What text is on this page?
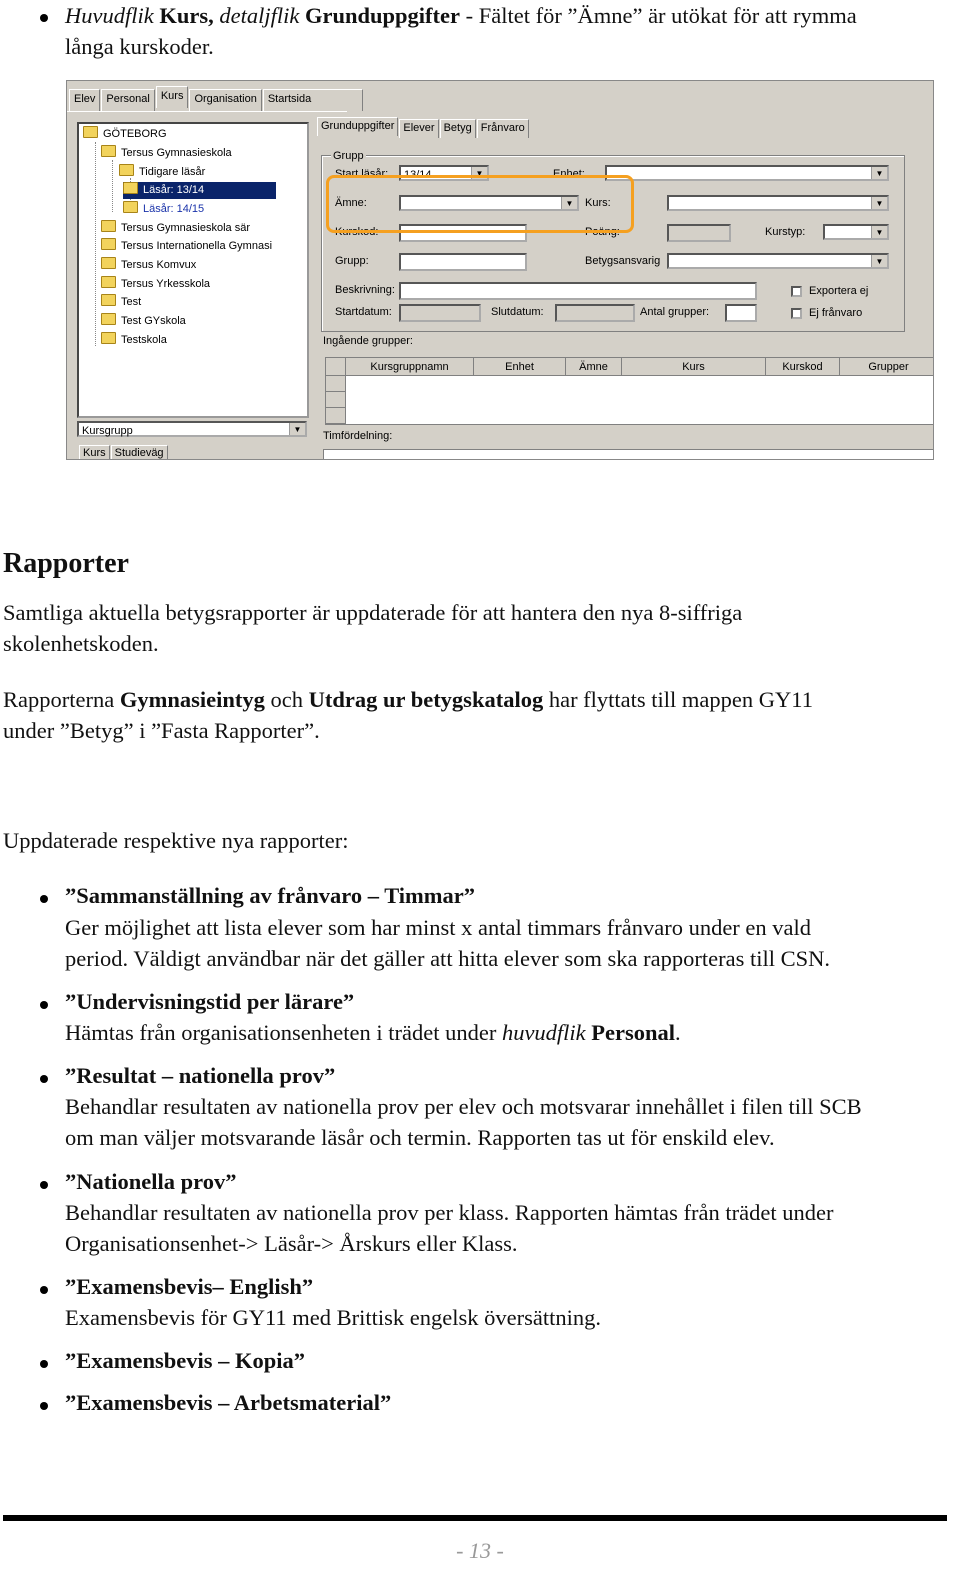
Huvudflik Kurs, detaljflik Grunduppgifter - Fältet för ”Ämne” är utökat för att rymma

långa kurskoder.

Elev	Personal	Kurs	Organisation	Startsida
GÖTEBORG
Tersus Gymnasieskola
Tidigare läsår
Läsår: 13/14
Läsår: 14/15
Tersus Gymnasieskola sär
Tersus Internationella Gymnasi
Tersus Komvux
Tersus Yrkesskola
Test
Test GYskola
Testskola
Kursgrupp	▼
Kurs Studieväg
Grunduppgifter Elever Betyg Frånvaro
Grupp
Start läsår:	13/14	▼	Enhet:	▼
Ämne:	▼	Kurs:	▼
Kurskod:	Poäng:	Kurstyp:	▼
Grupp:	Betygsansvarig	▼
Beskrivning:	Exportera ej
Startdatum:	Slutdatum:	Antal grupper:	Ej frånvaro
Ingående grupper:
Kursgruppnamn	Enhet	Ämne	Kurs	Kurskod	Grupper
Timfördelning:
Rapporter

Samtliga aktuella betygsrapporter är uppdaterade för att hantera den nya 8-siffriga

skolenhetskoden.

Rapporterna Gymnasieintyg och Utdrag ur betygskatalog har flyttats till mappen GY11

under ”Betyg” i ”Fasta Rapporter”.

Uppdaterade respektive nya rapporter:

”Sammanställning av frånvaro – Timmar”

Ger möjlighet att lista elever som har minst x antal timmars frånvaro under en vald

period. Väldigt användbar när det gäller att hitta elever som ska rapporteras till CSN.

”Undervisningstid per lärare”

Hämtas från organisationsenheten i trädet under huvudflik Personal.

”Resultat – nationella prov”

Behandlar resultaten av nationella prov per elev och motsvarar innehållet i filen till SCB

om man väljer motsvarande läsår och termin. Rapporten tas ut för enskild elev.

”Nationella prov”

Behandlar resultaten av nationella prov per klass. Rapporten hämtas från trädet under

Organisationsenhet-> Läsår-> Årskurs eller Klass.

”Examensbevis– English”

Examensbevis för GY11 med Brittisk engelsk översättning.

”Examensbevis – Kopia”

”Examensbevis – Arbetsmaterial”

- 13 -
